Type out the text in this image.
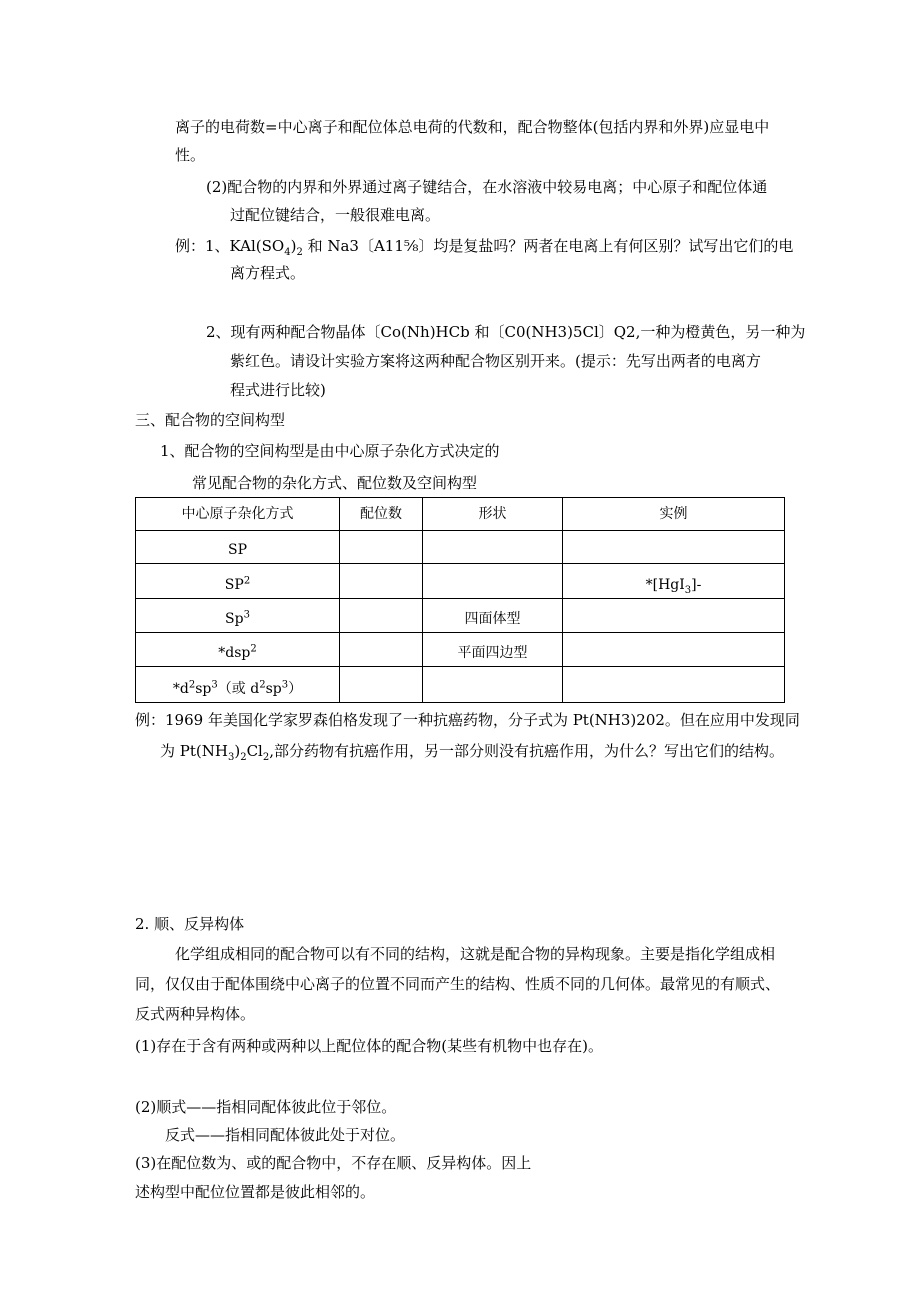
离子的电荷数=中心离子和配位体总电荷的代数和，配合物整体(包括内界和外界)应显电中
性。
(2)配合物的内界和外界通过离子键结合，在水溶液中较易电离；中心原子和配位体通
过配位键结合，一般很难电离。
例：1、$KAl(SO_4)_2$ 和 Na3〔A11⅝〕均是复盐吗？两者在电离上有何区别？试写出它们的电
离方程式。
2、现有两种配合物晶体〔Co(Nh)HCb 和〔C0(NH3)5Cl〕Q2,一种为橙黄色，另一种为
紫红色。请设计实验方案将这两种配合物区别开来。(提示：先写出两者的电离方
程式进行比较)
三、配合物的空间构型
1、配合物的空间构型是由中心原子杂化方式决定的
常见配合物的杂化方式、配位数及空间构型
中心原子杂化方式	配位数	形状	实例
SP			
$SP^2$			*[HgI$_3$]-
Sp$^3$		四面体型	
*dsp$^2$		平面四边型	
$*d^2sp^3$（或 $d^2sp^3$）			
例：1969 年美国化学家罗森伯格发现了一种抗癌药物，分子式为 Pt(NH3)202。但在应用中发现同
为 $Pt(NH_3)_2Cl_2$,部分药物有抗癌作用，另一部分则没有抗癌作用，为什么？写出它们的结构。
2. 顺、反异构体
化学组成相同的配合物可以有不同的结构，这就是配合物的异构现象。主要是指化学组成相
同，仅仅由于配体围绕中心离子的位置不同而产生的结构、性质不同的几何体。最常见的有顺式、
反式两种异构体。
(1)存在于含有两种或两种以上配位体的配合物(某些有机物中也存在)。
(2)顺式——指相同配体彼此位于邻位。
反式——指相同配体彼此处于对位。
(3)在配位数为、或的配合物中，不存在顺、反异构体。因上
述构型中配位位置都是彼此相邻的。
